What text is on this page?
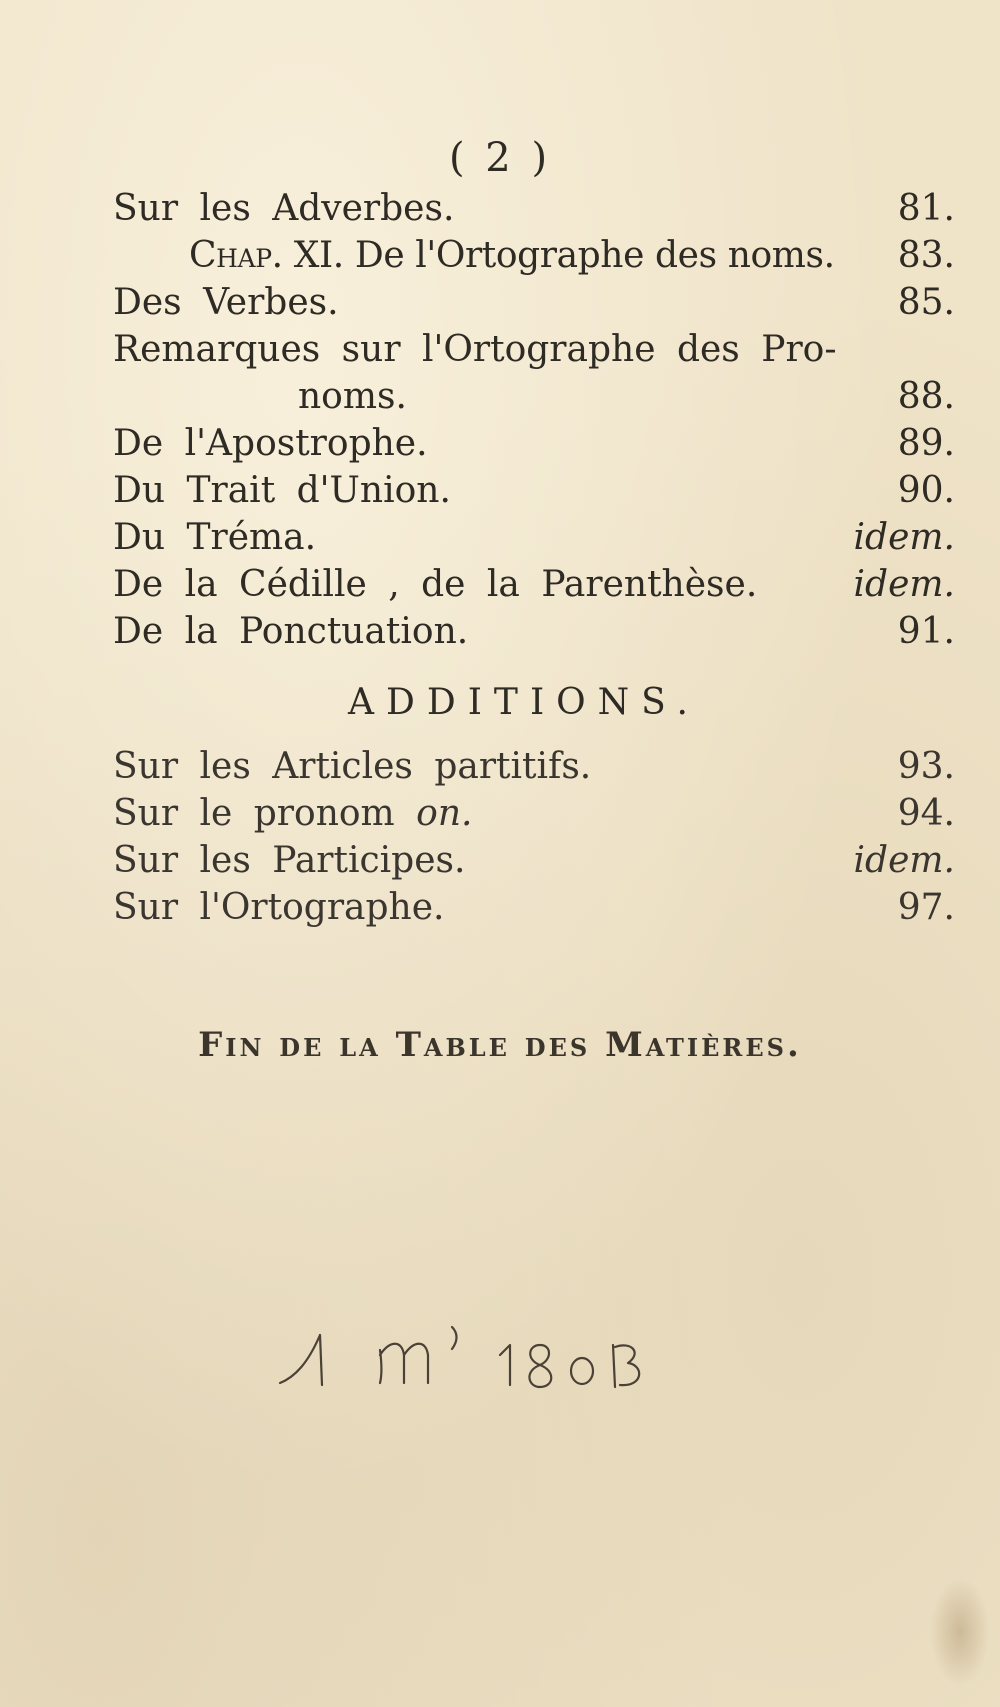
( 2 )
Sur les Adverbes.	81.
Chap. XI. De l'Ortographe des noms.	83.
Des Verbes.	85.
Remarques sur l'Ortographe des Pro-
noms.	88.
De l'Apostrophe.	89.
Du Trait d'Union.	90.
Du Tréma.	idem.
De la Cédille , de la Parenthèse.	idem.
De la Ponctuation.	91.
ADDITIONS.
Sur les Articles partitifs.	93.
Sur le pronom on.	94.
Sur les Participes.	idem.
Sur l'Ortographe.	97.
Fin de la Table des Matières.
